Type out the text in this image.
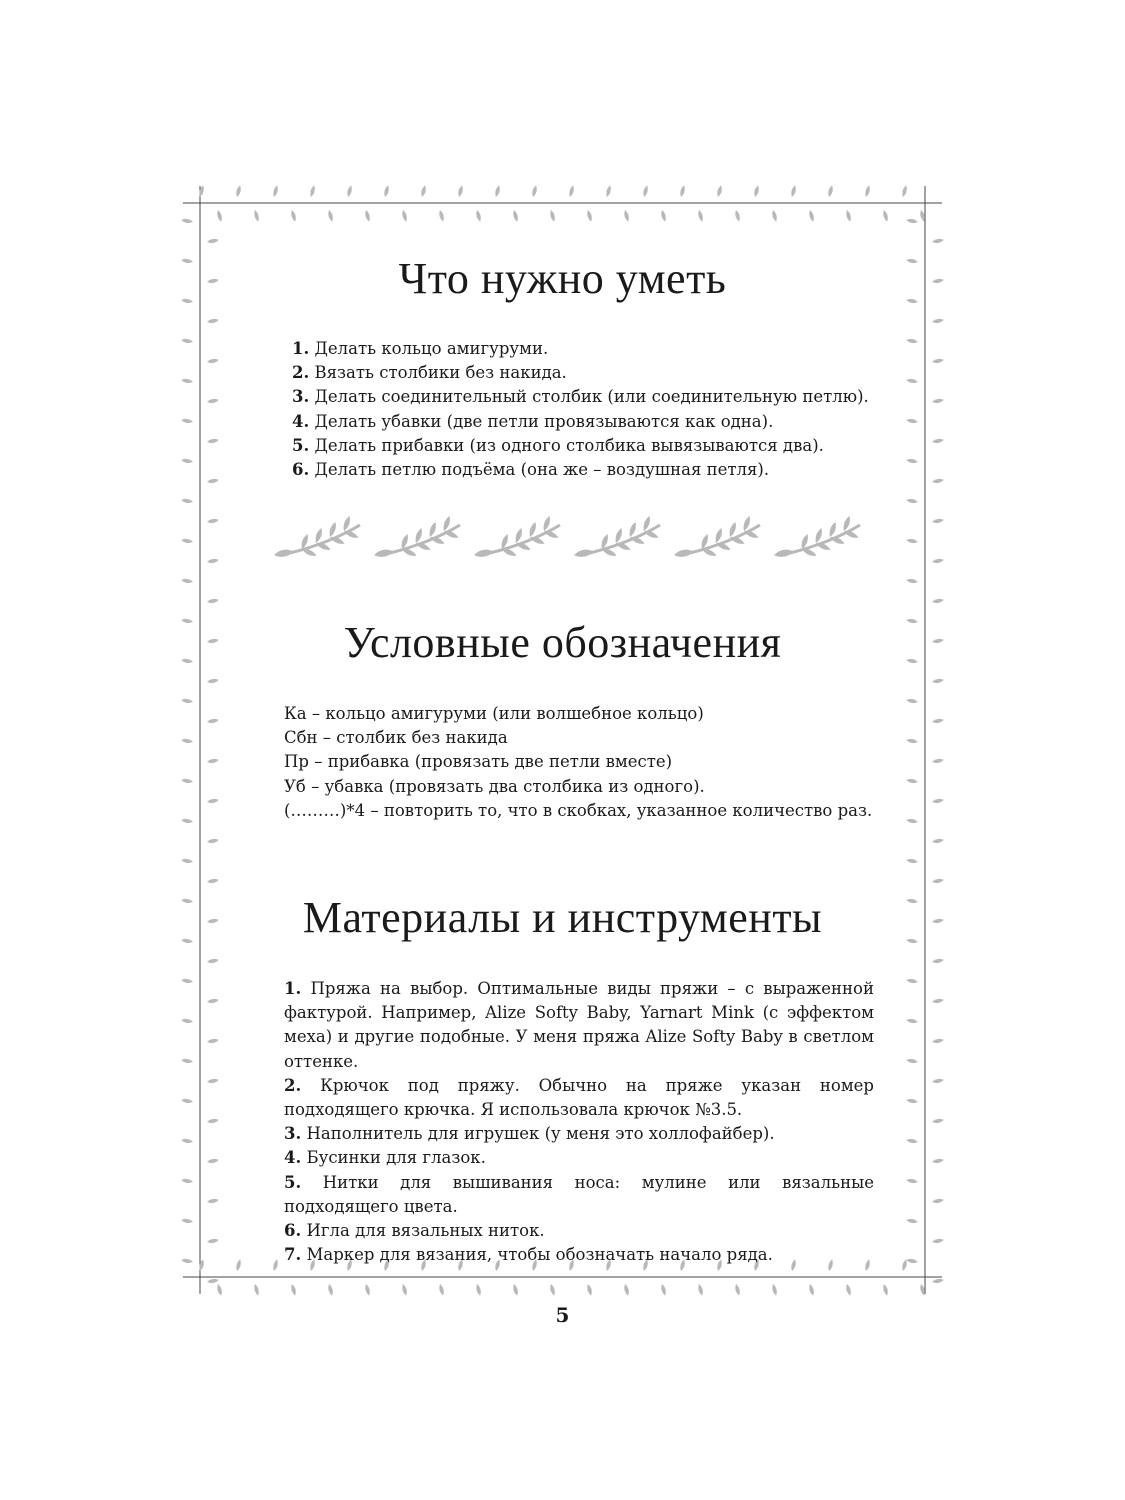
Что нужно уметь
1. Делать кольцо амигуруми.
2. Вязать столбики без накида.
3. Делать соединительный столбик (или соединительную петлю).
4. Делать убавки (две петли провязываются как одна).
5. Делать прибавки (из одного столбика вывязываются два).
6. Делать петлю подъёма (она же – воздушная петля).
Условные обозначения
Ка – кольцо амигуруми (или волшебное кольцо)
Сбн – столбик без накида
Пр – прибавка (провязать две петли вместе)
Уб – убавка (провязать два столбика из одного).
(………)*4 – повторить то, что в скобках, указанное количество раз.
Материалы и инструменты

1. Пряжа на выбор. Оптимальные виды пряжи – с выраженной фактурой. Например, Alize Softy Baby, Yarnart Mink (с эффектом меха) и другие подобные. У меня пряжа Alize Softy Baby в светлом оттенке.

2. Крючок под пряжу. Обычно на пряже указан номер подходящего крючка. Я использовала крючок №3.5.

3. Наполнитель для игрушек (у меня это холлофайбер).

4. Бусинки для глазок.

5. Нитки для вышивания носа: мулине или вязальные подходящего цвета.

6. Игла для вязальных ниток.

7. Маркер для вязания, чтобы обозначать начало ряда.

5
